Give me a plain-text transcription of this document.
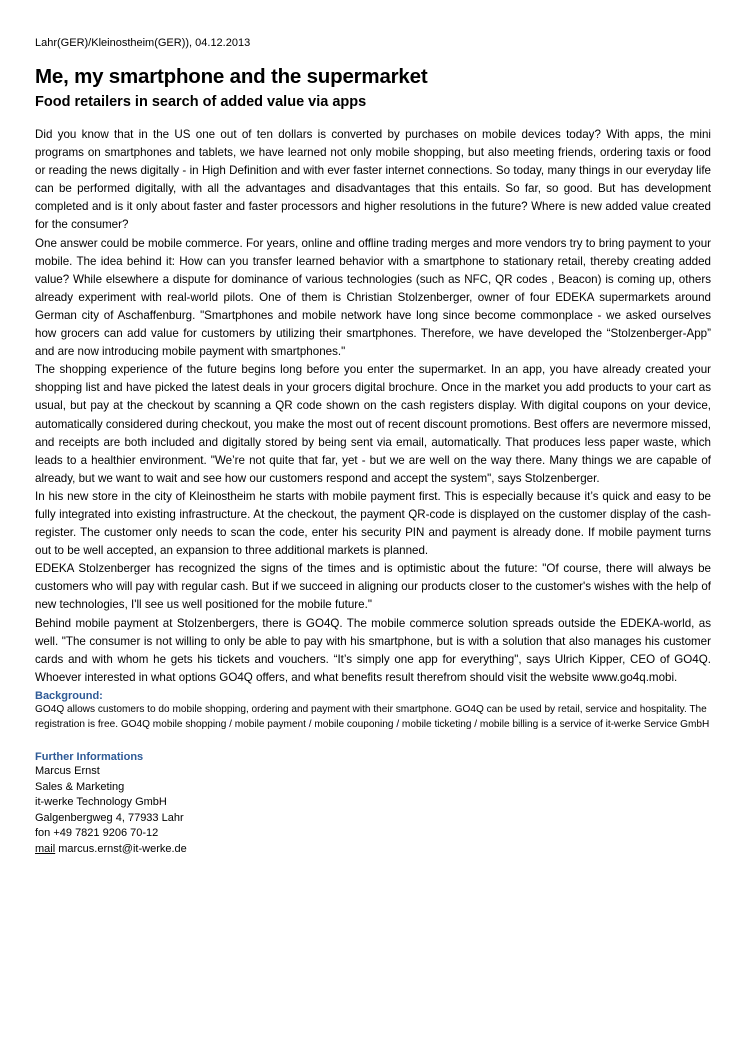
Lahr(GER)/Kleinostheim(GER)), 04.12.2013

Me, my smartphone and the supermarket
Food retailers in search of added value via apps

Did you know that in the US one out of ten dollars is converted by purchases on mobile devices today? With apps, the mini programs on smartphones and tablets, we have learned not only mobile shopping, but also meeting friends, ordering taxis or food or reading the news digitally - in High Definition and with ever faster internet connections. So today, many things in our everyday life can be performed digitally, with all the advantages and disadvantages that this entails. So far, so good. But has development completed and is it only about faster and faster processors and higher resolutions in the future? Where is new added value created for the consumer?

One answer could be mobile commerce. For years, online and offline trading merges and more vendors try to bring payment to your mobile. The idea behind it: How can you transfer learned behavior with a smartphone to stationary retail, thereby creating added value? While elsewhere a dispute for dominance of various technologies (such as NFC, QR codes , Beacon) is coming up, others already experiment with real-world pilots. One of them is Christian Stolzenberger, owner of four EDEKA supermarkets around German city of Aschaffenburg. "Smartphones and mobile network have long since become commonplace - we asked ourselves how grocers can add value for customers by utilizing their smartphones. Therefore, we have developed the “Stolzenberger-App” and are now introducing mobile payment with smartphones."

The shopping experience of the future begins long before you enter the supermarket. In an app, you have already created your shopping list and have picked the latest deals in your grocers digital brochure. Once in the market you add products to your cart as usual, but pay at the checkout by scanning a QR code shown on the cash registers display. With digital coupons on your device, automatically considered during checkout, you make the most out of recent discount promotions. Best offers are nevermore missed, and receipts are both included and digitally stored by being sent via email, automatically. That produces less paper waste, which leads to a healthier environment. "We’re not quite that far, yet - but we are well on the way there. Many things we are capable of already, but we want to wait and see how our customers respond and accept the system", says Stolzenberger.

In his new store in the city of Kleinostheim he starts with mobile payment first. This is especially because it’s quick and easy to be fully integrated into existing infrastructure. At the checkout, the payment QR-code is displayed on the customer display of the cash-register. The customer only needs to scan the code, enter his security PIN and payment is already done. If mobile payment turns out to be well accepted, an expansion to three additional markets is planned.

EDEKA Stolzenberger has recognized the signs of the times and is optimistic about the future: "Of course, there will always be customers who will pay with regular cash. But if we succeed in aligning our products closer to the customer's wishes with the help of new technologies, I'll see us well positioned for the mobile future."

Behind mobile payment at Stolzenbergers, there is GO4Q. The mobile commerce solution spreads outside the EDEKA-world, as well. "The consumer is not willing to only be able to pay with his smartphone, but is with a solution that also manages his customer cards and with whom he gets his tickets and vouchers. “It’s simply one app for everything", says Ulrich Kipper, CEO of GO4Q. Whoever interested in what options GO4Q offers, and what benefits result therefrom should visit the website www.go4q.mobi.

Background:

GO4Q allows customers to do mobile shopping, ordering and payment with their smartphone. GO4Q can be used by retail, service and hospitality. The registration is free. GO4Q mobile shopping / mobile payment / mobile couponing / mobile ticketing / mobile billing is a service of it-werke Service GmbH

Further Informations

Marcus Ernst

Sales & Marketing

it-werke Technology GmbH

Galgenbergweg 4, 77933 Lahr

fon +49 7821 9206 70-12

mail marcus.ernst@it-werke.de
